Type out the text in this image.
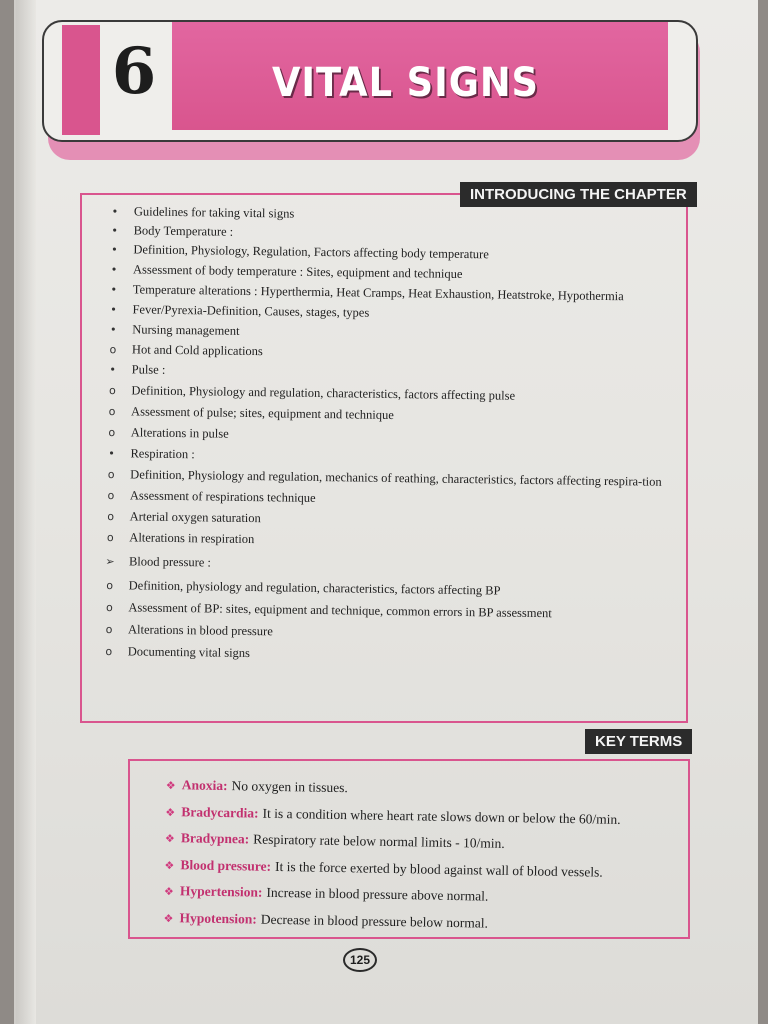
6	VITAL SIGNS
INTRODUCING THE CHAPTER
•	Guidelines for taking vital signs
•	Body Temperature :
•	Definition, Physiology, Regulation, Factors affecting body temperature
•	Assessment of body temperature : Sites, equipment and technique
•	Temperature alterations : Hyperthermia, Heat Cramps, Heat Exhaustion, Heatstroke, Hypothermia
•	Fever/Pyrexia-Definition, Causes, stages, types
•	Nursing management
o Hot and Cold applications
•	Pulse :
o Definition, Physiology and regulation, characteristics, factors affecting pulse
o Assessment of pulse; sites, equipment and technique
o Alterations in pulse
•	Respiration :
o Definition, Physiology and regulation, mechanics of reathing, characteristics, factors affecting respira-tion
o Assessment of respirations technique
o Arterial oxygen saturation
o Alterations in respiration
➢ Blood pressure :
o Definition, physiology and regulation, characteristics, factors affecting BP
o Assessment of BP: sites, equipment and technique, common errors in BP assessment
o Alterations in blood pressure
o Documenting vital signs
KEY TERMS
❖ Anoxia: No oxygen in tissues.
❖ Bradycardia: It is a condition where heart rate slows down or below the 60/min.
❖ Bradypnea: Respiratory rate below normal limits - 10/min.
❖ Blood pressure: It is the force exerted by blood against wall of blood vessels.
❖ Hypertension: Increase in blood pressure above normal.
❖ Hypotension: Decrease in blood pressure below normal.
125
